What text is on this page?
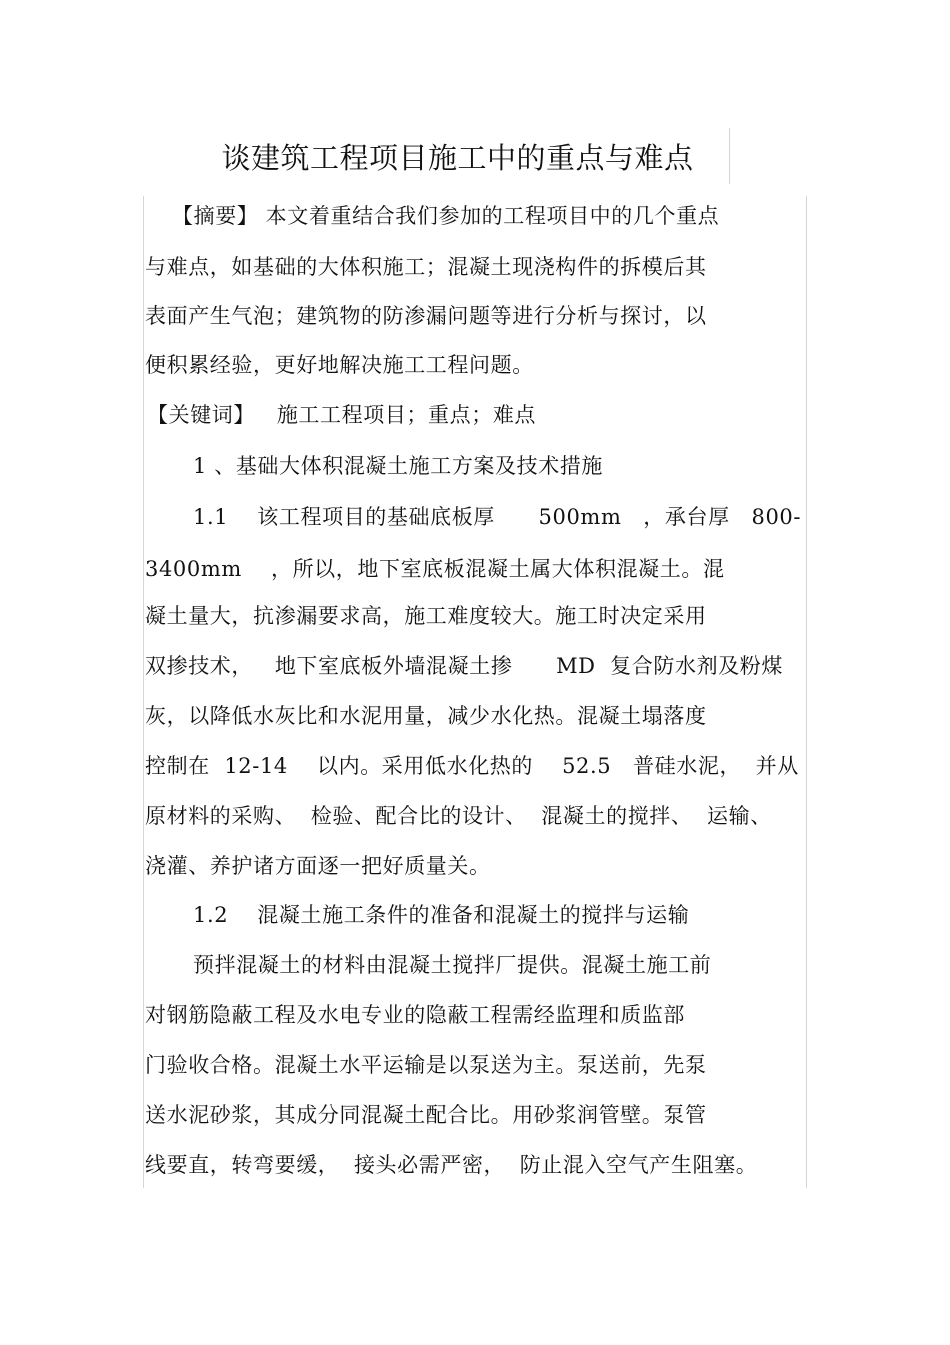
谈建筑工程项目施工中的重点与难点
【摘要】 本文着重结合我们参加的工程项目中的几个重点
与难点，如基础的大体积施工；混凝土现浇构件的拆模后其
表面产生气泡；建筑物的防渗漏问题等进行分析与探讨，以
便积累经验，更好地解决施工工程问题。
【关键词】   施工工程项目；重点；难点
1 、基础大体积混凝土施工方案及技术措施
1.1    该工程项目的基础底板厚      500mm   ，承台厚   800-
3400mm    ，所以，地下室底板混凝土属大体积混凝土。混
凝土量大，抗渗漏要求高，施工难度较大。施工时决定采用
双掺技术，   地下室底板外墙混凝土掺      MD  复合防水剂及粉煤
灰，以降低水灰比和水泥用量，减少水化热。混凝土塌落度
控制在  12-14    以内。采用低水化热的    52.5   普硅水泥，  并从
原材料的采购、  检验、配合比的设计、  混凝土的搅拌、  运输、
浇灌、养护诸方面逐一把好质量关。
1.2    混凝土施工条件的准备和混凝土的搅拌与运输
预拌混凝土的材料由混凝土搅拌厂提供。混凝土施工前
对钢筋隐蔽工程及水电专业的隐蔽工程需经监理和质监部
门验收合格。混凝土水平运输是以泵送为主。泵送前，先泵
送水泥砂浆，其成分同混凝土配合比。用砂浆润管壁。泵管
线要直，转弯要缓，  接头必需严密，  防止混入空气产生阻塞。
